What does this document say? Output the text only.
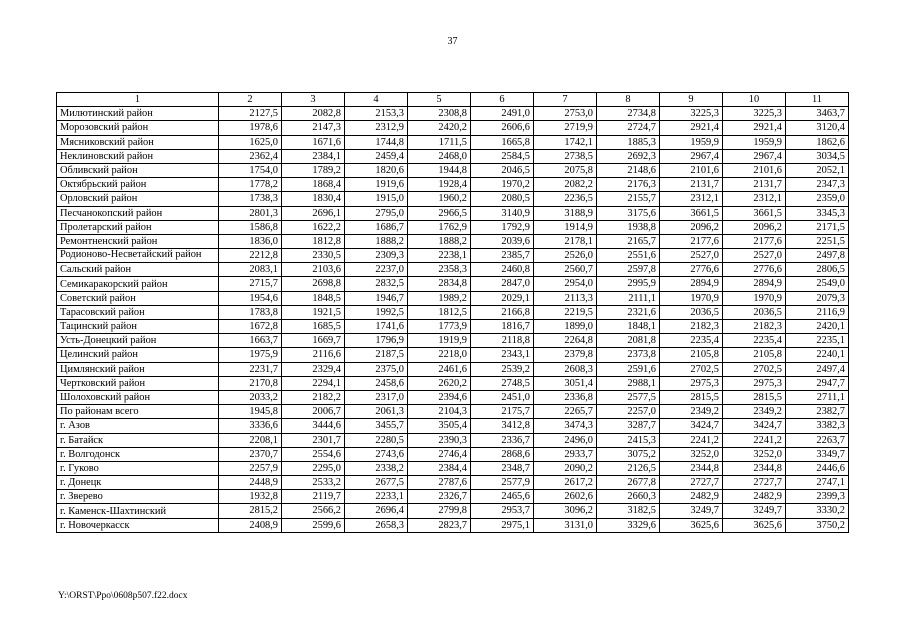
37
1	2	3	4	5	6	7	8	9	10	11
Милютинский район	2127,5	2082,8	2153,3	2308,8	2491,0	2753,0	2734,8	3225,3	3225,3	3463,7
Морозовский район	1978,6	2147,3	2312,9	2420,2	2606,6	2719,9	2724,7	2921,4	2921,4	3120,4
Мясниковский район	1625,0	1671,6	1744,8	1711,5	1665,8	1742,1	1885,3	1959,9	1959,9	1862,6
Неклиновский район	2362,4	2384,1	2459,4	2468,0	2584,5	2738,5	2692,3	2967,4	2967,4	3034,5
Обливский район	1754,0	1789,2	1820,6	1944,8	2046,5	2075,8	2148,6	2101,6	2101,6	2052,1
Октябрьский район	1778,2	1868,4	1919,6	1928,4	1970,2	2082,2	2176,3	2131,7	2131,7	2347,3
Орловский район	1738,3	1830,4	1915,0	1960,2	2080,5	2236,5	2155,7	2312,1	2312,1	2359,0
Песчанокопский район	2801,3	2696,1	2795,0	2966,5	3140,9	3188,9	3175,6	3661,5	3661,5	3345,3
Пролетарский район	1586,8	1622,2	1686,7	1762,9	1792,9	1914,9	1938,8	2096,2	2096,2	2171,5
Ремонтненский район	1836,0	1812,8	1888,2	1888,2	2039,6	2178,1	2165,7	2177,6	2177,6	2251,5
Родионово-Несветайский район	2212,8	2330,5	2309,3	2238,1	2385,7	2526,0	2551,6	2527,0	2527,0	2497,8
Сальский район	2083,1	2103,6	2237,0	2358,3	2460,8	2560,7	2597,8	2776,6	2776,6	2806,5
Семикаракорский район	2715,7	2698,8	2832,5	2834,8	2847,0	2954,0	2995,9	2894,9	2894,9	2549,0
Советский район	1954,6	1848,5	1946,7	1989,2	2029,1	2113,3	2111,1	1970,9	1970,9	2079,3
Тарасовский район	1783,8	1921,5	1992,5	1812,5	2166,8	2219,5	2321,6	2036,5	2036,5	2116,9
Тацинский район	1672,8	1685,5	1741,6	1773,9	1816,7	1899,0	1848,1	2182,3	2182,3	2420,1
Усть-Донецкий район	1663,7	1669,7	1796,9	1919,9	2118,8	2264,8	2081,8	2235,4	2235,4	2235,1
Целинский район	1975,9	2116,6	2187,5	2218,0	2343,1	2379,8	2373,8	2105,8	2105,8	2240,1
Цимлянский район	2231,7	2329,4	2375,0	2461,6	2539,2	2608,3	2591,6	2702,5	2702,5	2497,4
Чертковский район	2170,8	2294,1	2458,6	2620,2	2748,5	3051,4	2988,1	2975,3	2975,3	2947,7
Шолоховский район	2033,2	2182,2	2317,0	2394,6	2451,0	2336,8	2577,5	2815,5	2815,5	2711,1
По районам всего	1945,8	2006,7	2061,3	2104,3	2175,7	2265,7	2257,0	2349,2	2349,2	2382,7
г. Азов	3336,6	3444,6	3455,7	3505,4	3412,8	3474,3	3287,7	3424,7	3424,7	3382,3
г. Батайск	2208,1	2301,7	2280,5	2390,3	2336,7	2496,0	2415,3	2241,2	2241,2	2263,7
г. Волгодонск	2370,7	2554,6	2743,6	2746,4	2868,6	2933,7	3075,2	3252,0	3252,0	3349,7
г. Гуково	2257,9	2295,0	2338,2	2384,4	2348,7	2090,2	2126,5	2344,8	2344,8	2446,6
г. Донецк	2448,9	2533,2	2677,5	2787,6	2577,9	2617,2	2677,8	2727,7	2727,7	2747,1
г. Зверево	1932,8	2119,7	2233,1	2326,7	2465,6	2602,6	2660,3	2482,9	2482,9	2399,3
г. Каменск-Шахтинский	2815,2	2566,2	2696,4	2799,8	2953,7	3096,2	3182,5	3249,7	3249,7	3330,2
г. Новочеркасск	2408,9	2599,6	2658,3	2823,7	2975,1	3131,0	3329,6	3625,6	3625,6	3750,2
Y:\ORST\Ppo\0608p507.f22.docx
